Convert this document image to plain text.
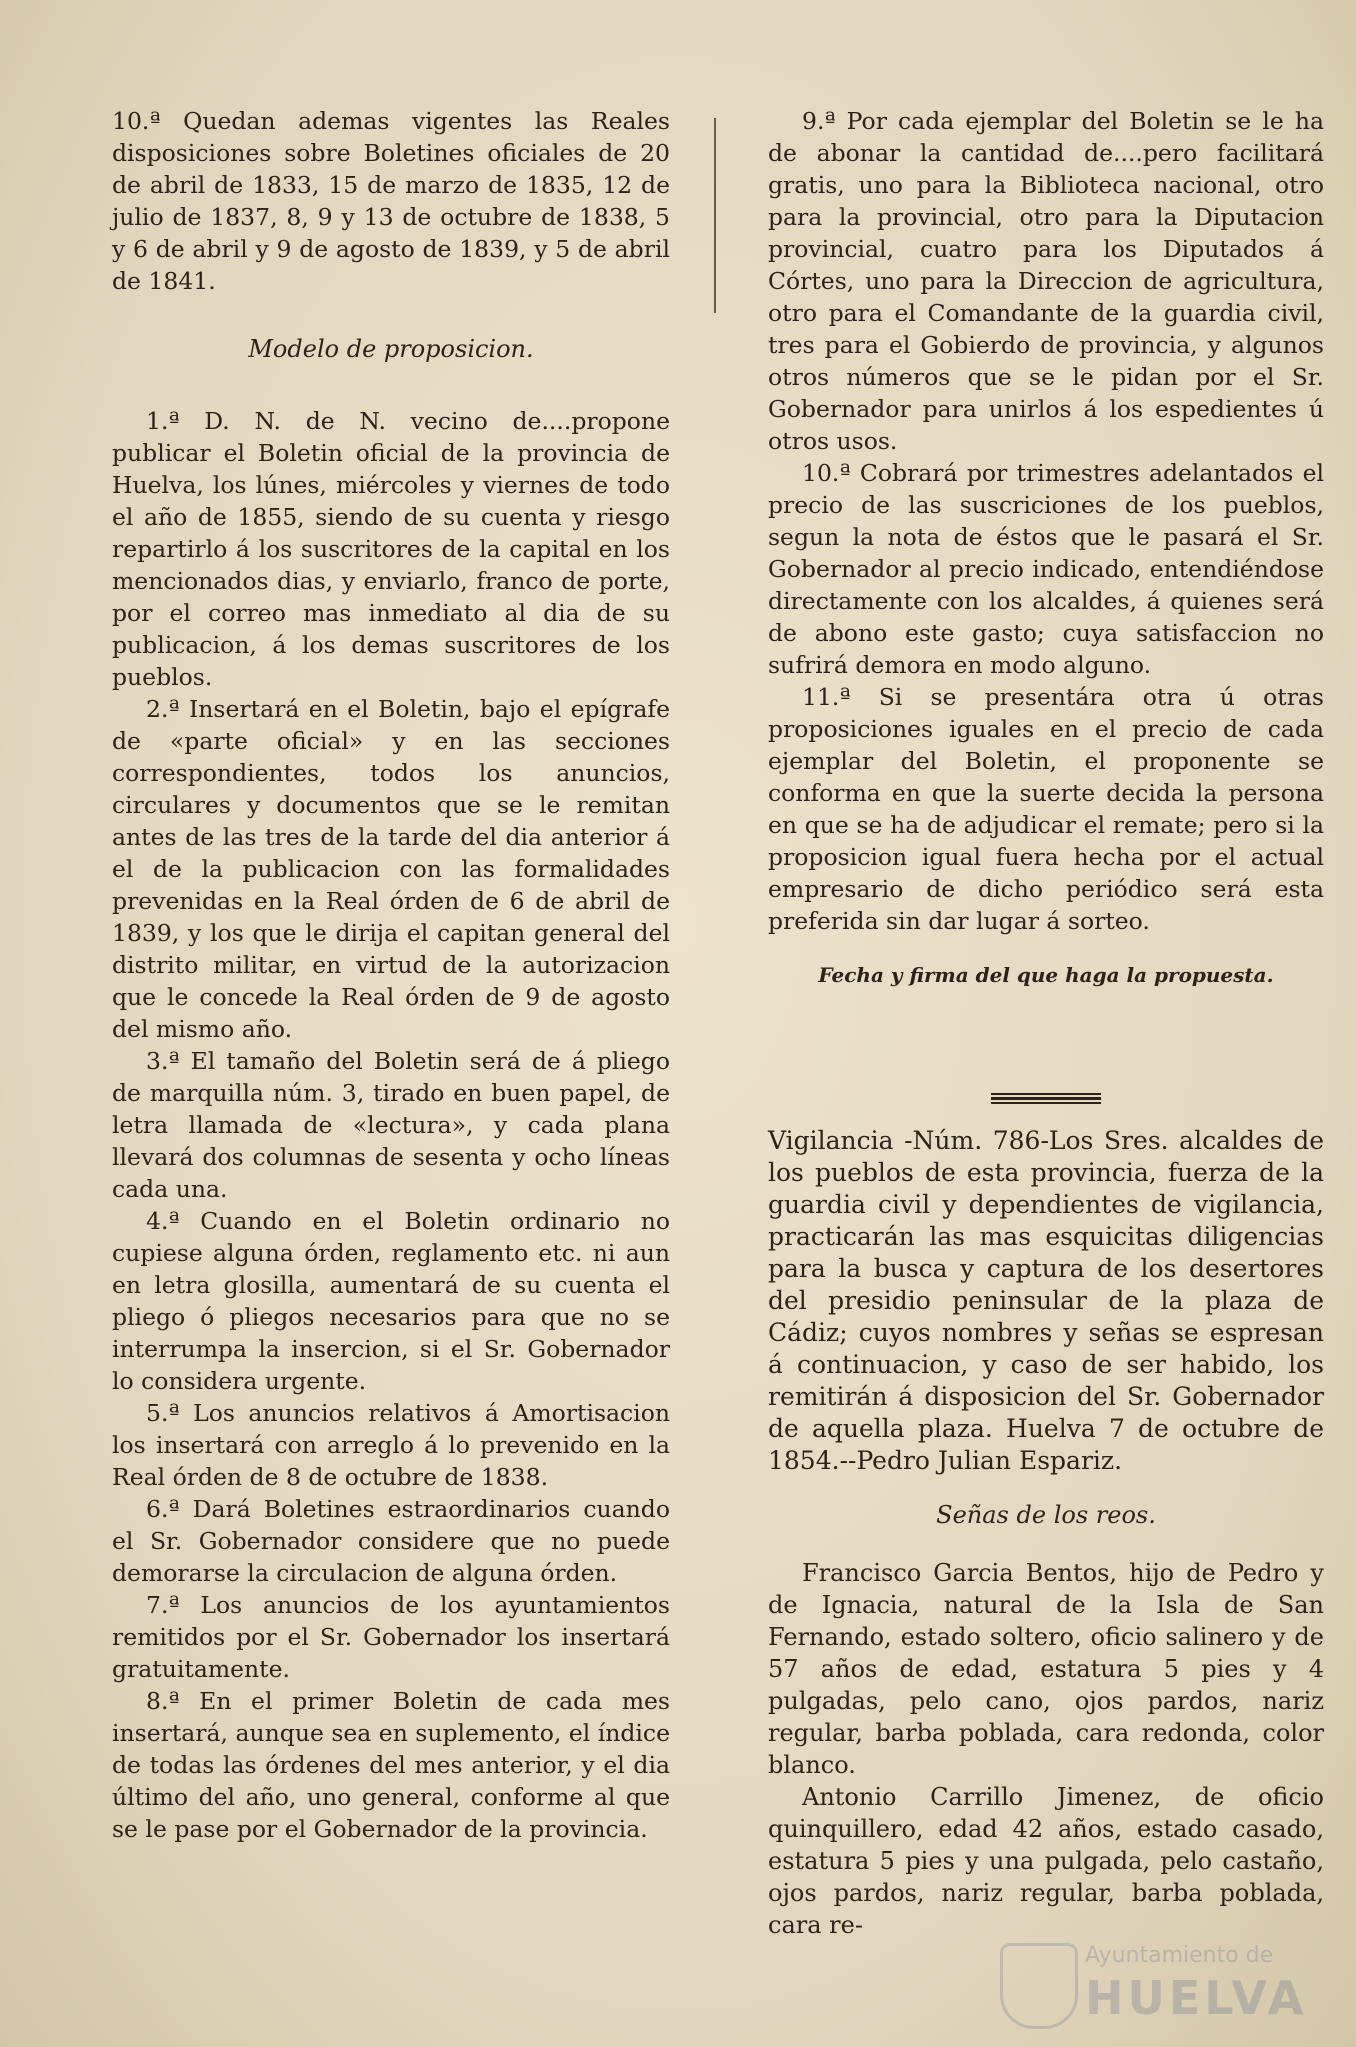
10.ª Quedan ademas vigentes las Reales disposiciones sobre Boletines oficiales de 20 de abril de 1833, 15 de marzo de 1835, 12 de julio de 1837, 8, 9 y 13 de octubre de 1838, 5 y 6 de abril y 9 de agosto de 1839, y 5 de abril de 1841.

Modelo de proposicion.

1.ª D. N. de N. vecino de....propone publicar el Boletin oficial de la provincia de Huelva, los lúnes, miércoles y viernes de todo el año de 1855, siendo de su cuenta y riesgo repartirlo á los suscritores de la capital en los mencionados dias, y enviarlo, franco de porte, por el correo mas inmediato al dia de su publicacion, á los demas suscritores de los pueblos.

2.ª Insertará en el Boletin, bajo el epígrafe de «parte oficial» y en las secciones correspondientes, todos los anuncios, circulares y documentos que se le remitan antes de las tres de la tarde del dia anterior á el de la publicacion con las formalidades prevenidas en la Real órden de 6 de abril de 1839, y los que le dirija el capitan general del distrito militar, en virtud de la autorizacion que le concede la Real órden de 9 de agosto del mismo año.

3.ª El tamaño del Boletin será de á pliego de marquilla núm. 3, tirado en buen papel, de letra llamada de «lectura», y cada plana llevará dos columnas de sesenta y ocho líneas cada una.

4.ª Cuando en el Boletin ordinario no cupiese alguna órden, reglamento etc. ni aun en letra glosilla, aumentará de su cuenta el pliego ó pliegos necesarios para que no se interrumpa la insercion, si el Sr. Gobernador lo considera urgente.

5.ª Los anuncios relativos á Amortisacion los insertará con arreglo á lo prevenido en la Real órden de 8 de octubre de 1838.

6.ª Dará Boletines estraordinarios cuando el Sr. Gobernador considere que no puede demorarse la circulacion de alguna órden.

7.ª Los anuncios de los ayuntamientos remitidos por el Sr. Gobernador los insertará gratuitamente.

8.ª En el primer Boletin de cada mes insertará, aunque sea en suplemento, el índice de todas las órdenes del mes anterior, y el dia último del año, uno general, conforme al que se le pase por el Gobernador de la provincia.

9.ª Por cada ejemplar del Boletin se le ha de abonar la cantidad de....pero facilitará gratis, uno para la Biblioteca nacional, otro para la provincial, otro para la Diputacion provincial, cuatro para los Diputados á Córtes, uno para la Direccion de agricultura, otro para el Comandante de la guardia civil, tres para el Gobierdo de provincia, y algunos otros números que se le pidan por el Sr. Gobernador para unirlos á los espedientes ú otros usos.

10.ª Cobrará por trimestres adelantados el precio de las suscriciones de los pueblos, segun la nota de éstos que le pasará el Sr. Gobernador al precio indicado, entendiéndose directamente con los alcaldes, á quienes será de abono este gasto; cuya satisfaccion no sufrirá demora en modo alguno.

11.ª Si se presentára otra ú otras proposiciones iguales en el precio de cada ejemplar del Boletin, el proponente se conforma en que la suerte decida la persona en que se ha de adjudicar el remate; pero si la proposicion igual fuera hecha por el actual empresario de dicho periódico será esta preferida sin dar lugar á sorteo.

Fecha y firma del que haga la propuesta.

Vigilancia -Núm. 786-Los Sres. alcaldes de los pueblos de esta provincia, fuerza de la guardia civil y dependientes de vigilancia, practicarán las mas esquicitas diligencias para la busca y captura de los desertores del presidio peninsular de la plaza de Cádiz; cuyos nombres y señas se espresan á continuacion, y caso de ser habido, los remitirán á disposicion del Sr. Gobernador de aquella plaza. Huelva 7 de octubre de 1854.--Pedro Julian Espariz.

Señas de los reos.

Francisco Garcia Bentos, hijo de Pedro y de Ignacia, natural de la Isla de San Fernando, estado soltero, oficio salinero y de 57 años de edad, estatura 5 pies y 4 pulgadas, pelo cano, ojos pardos, nariz regular, barba poblada, cara redonda, color blanco.

Antonio Carrillo Jimenez, de oficio quinquillero, edad 42 años, estado casado, estatura 5 pies y una pulgada, pelo castaño, ojos pardos, nariz regular, barba poblada, cara re-

Ayuntamiento de
HUELVA
